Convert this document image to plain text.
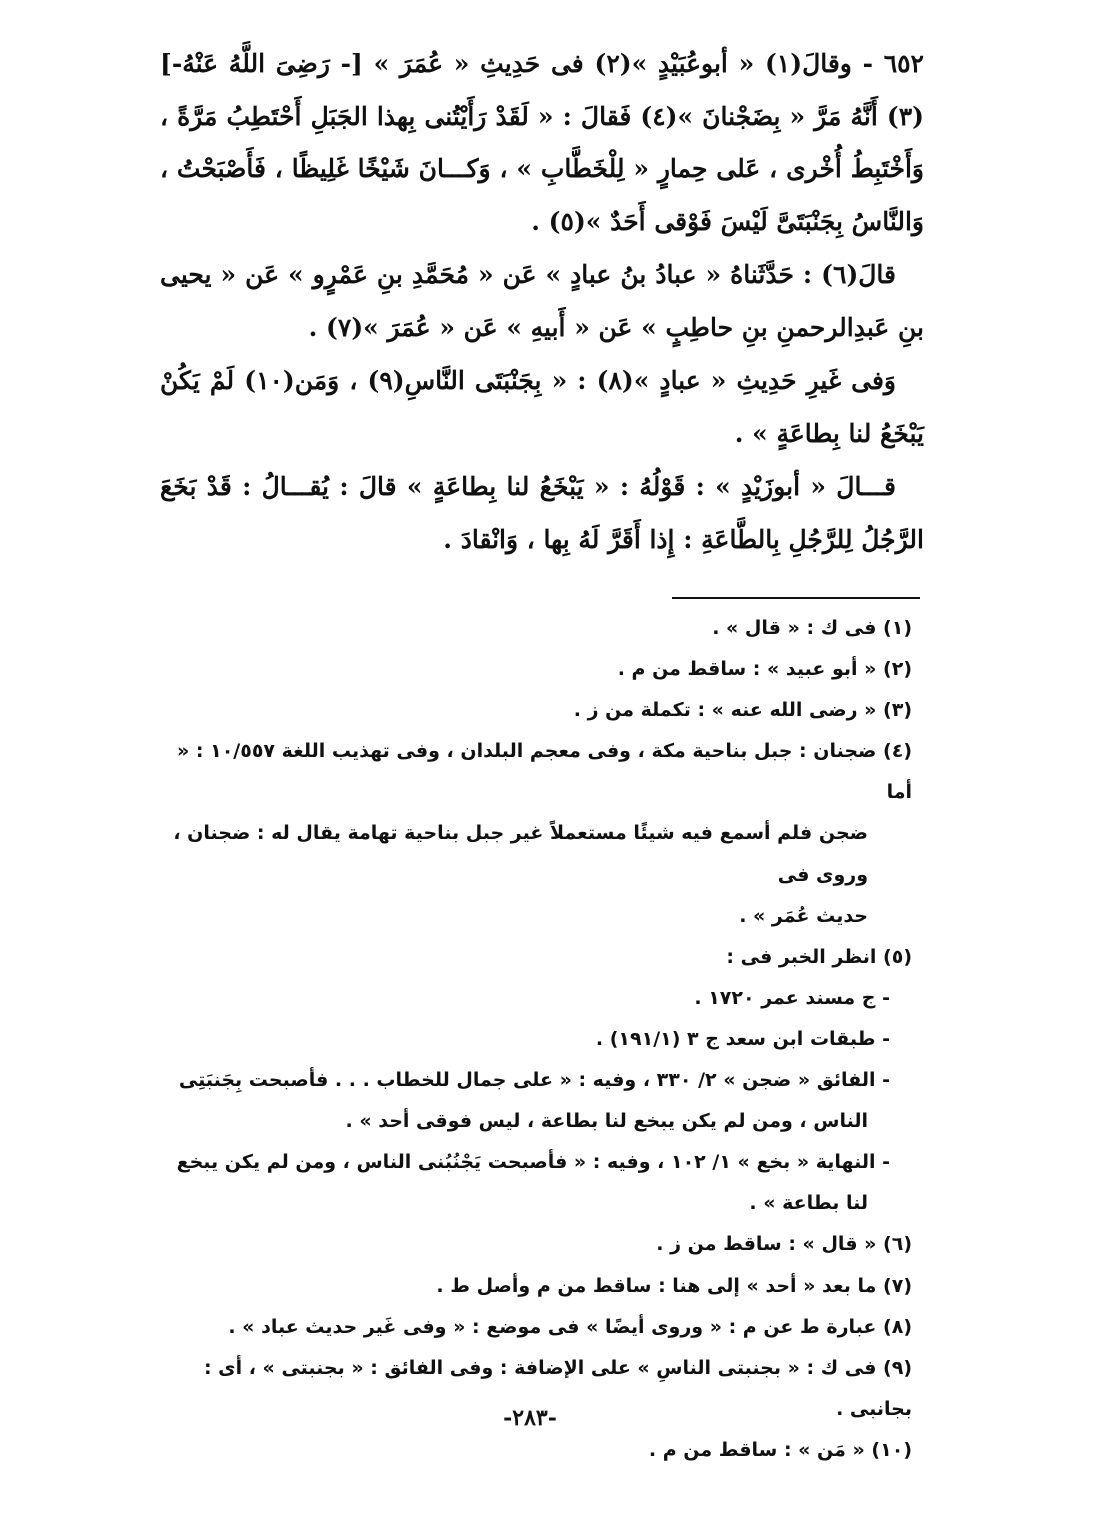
٦٥٢ - وقالَ(١) « أبوعُبَيْدٍ »(٢) فى حَدِيثِ « عُمَرَ » [- رَضِىَ اللَّهُ عَنْهُ-](٣) أَنَّهُ مَرَّ « بِضَجْنانَ »(٤) فَقالَ : « لَقَدْ رَأَيْتُنى بِهذا الجَبَلِ أَحْتَطِبُ مَرَّةً ، وَأَخْتَبِطُ أُخْرى ، عَلى حِمارٍ « لِلْخَطَّابِ » ، وَكـــانَ شَيْخًا غَلِيظًا ، فَأَصْبَحْتُ ، وَالنَّاسُ بِجَنْبَتَىَّ لَيْسَ فَوْقى أَحَدٌ »(٥) .

قالَ(٦) : حَدَّثَناهُ « عبادُ بنُ عبادٍ » عَن « مُحَمَّدِ بنِ عَمْرٍو » عَن « يحيى بنِ عَبدِالرحمنِ بنِ حاطِبٍ » عَن « أَبيهِ » عَن « عُمَرَ »(٧) .

وَفى غَيرِ حَدِيثِ « عبادٍ »(٨) : « بِجَنْبَتَى النَّاسِ(٩) ، وَمَن(١٠) لَمْ يَكُنْ يَبْخَعُ لنا بِطاعَةٍ » .

قـــالَ « أبوزَيْدٍ » : قَوْلُهُ : « يَبْخَعُ لنا بِطاعَةٍ » قالَ : يُقـــالُ : قَدْ بَخَعَ الرَّجُلُ لِلرَّجُلِ بِالطَّاعَةِ : إِذا أَقَرَّ لَهُ بِها ، وَانْقادَ .

(١) فى ك : « قال » .

(٢) « أبو عبيد » : ساقط من م .

(٣) « رضى الله عنه » : تكملة من ز .

(٤) ضجنان : جبل بناحية مكة ، وفى معجم البلدان ، وفى تهذيب اللغة ١٠/٥٥٧ : « أما

ضجن فلم أسمع فيه شيئًا مستعملاً غير جبل بناحية تهامة يقال له : ضجنان ، وروى فى

حديث عُمَر » .

(٥) انظر الخبر فى :

- ج مسند عمر ١٧٢٠ .

- طبقات ابن سعد ج ٣ (١٩١/١) .

- الفائق « ضجن » ٢/ ٣٣٠ ، وفيه : « على جمال للخطاب . . . فأصبحت بِجَنبَتِى

الناس ، ومن لم يكن يبخع لنا بطاعة ، ليس فوقى أحد » .

- النهاية « بخع » ١/ ١٠٢ ، وفيه : « فأصبحت يَجْنُبُنى الناس ، ومن لم يكن يبخع

لنا بطاعة » .

(٦) « قال » : ساقط من ز .

(٧) ما بعد « أحد » إلى هنا : ساقط من م وأصل ط .

(٨) عبارة ط عن م : « وروى أيضًا » فى موضع : « وفى غَير حديث عباد » .

(٩) فى ك : « بجنبتى الناسِ » على الإضافة : وفى الفائق : « بجنبتى » ، أى : بجانبى .

(١٠) « مَن » : ساقط من م .

-٢٨٣-
